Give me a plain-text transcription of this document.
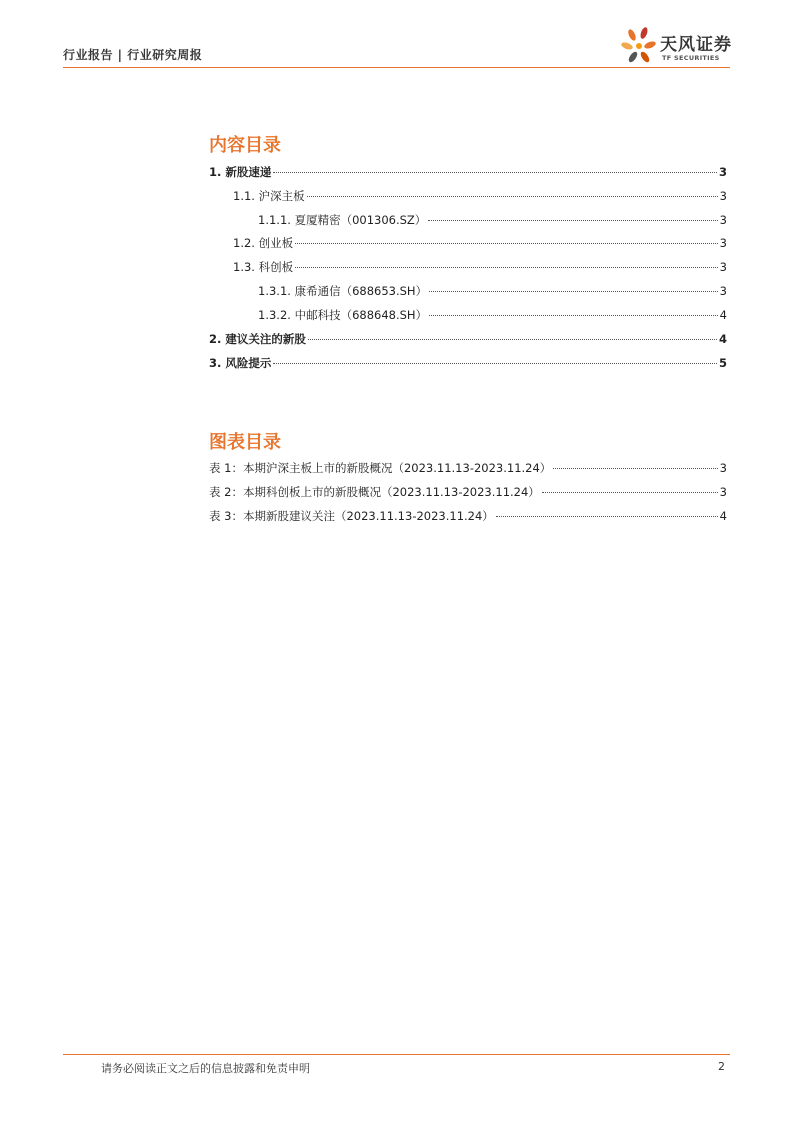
行业报告 | 行业研究周报	天风证券
TF SECURITIES
内容目录
1. 新股速递	3
1.1. 沪深主板	3
1.1.1. 夏厦精密（001306.SZ）	3
1.2. 创业板	3
1.3. 科创板	3
1.3.1. 康希通信（688653.SH）	3
1.3.2. 中邮科技（688648.SH）	4
2. 建议关注的新股	4
3. 风险提示	5
图表目录
表 1：本期沪深主板上市的新股概况（2023.11.13-2023.11.24）	3
表 2：本期科创板上市的新股概况（2023.11.13-2023.11.24）	3
表 3：本期新股建议关注（2023.11.13-2023.11.24）	4
请务必阅读正文之后的信息披露和免责申明	2
